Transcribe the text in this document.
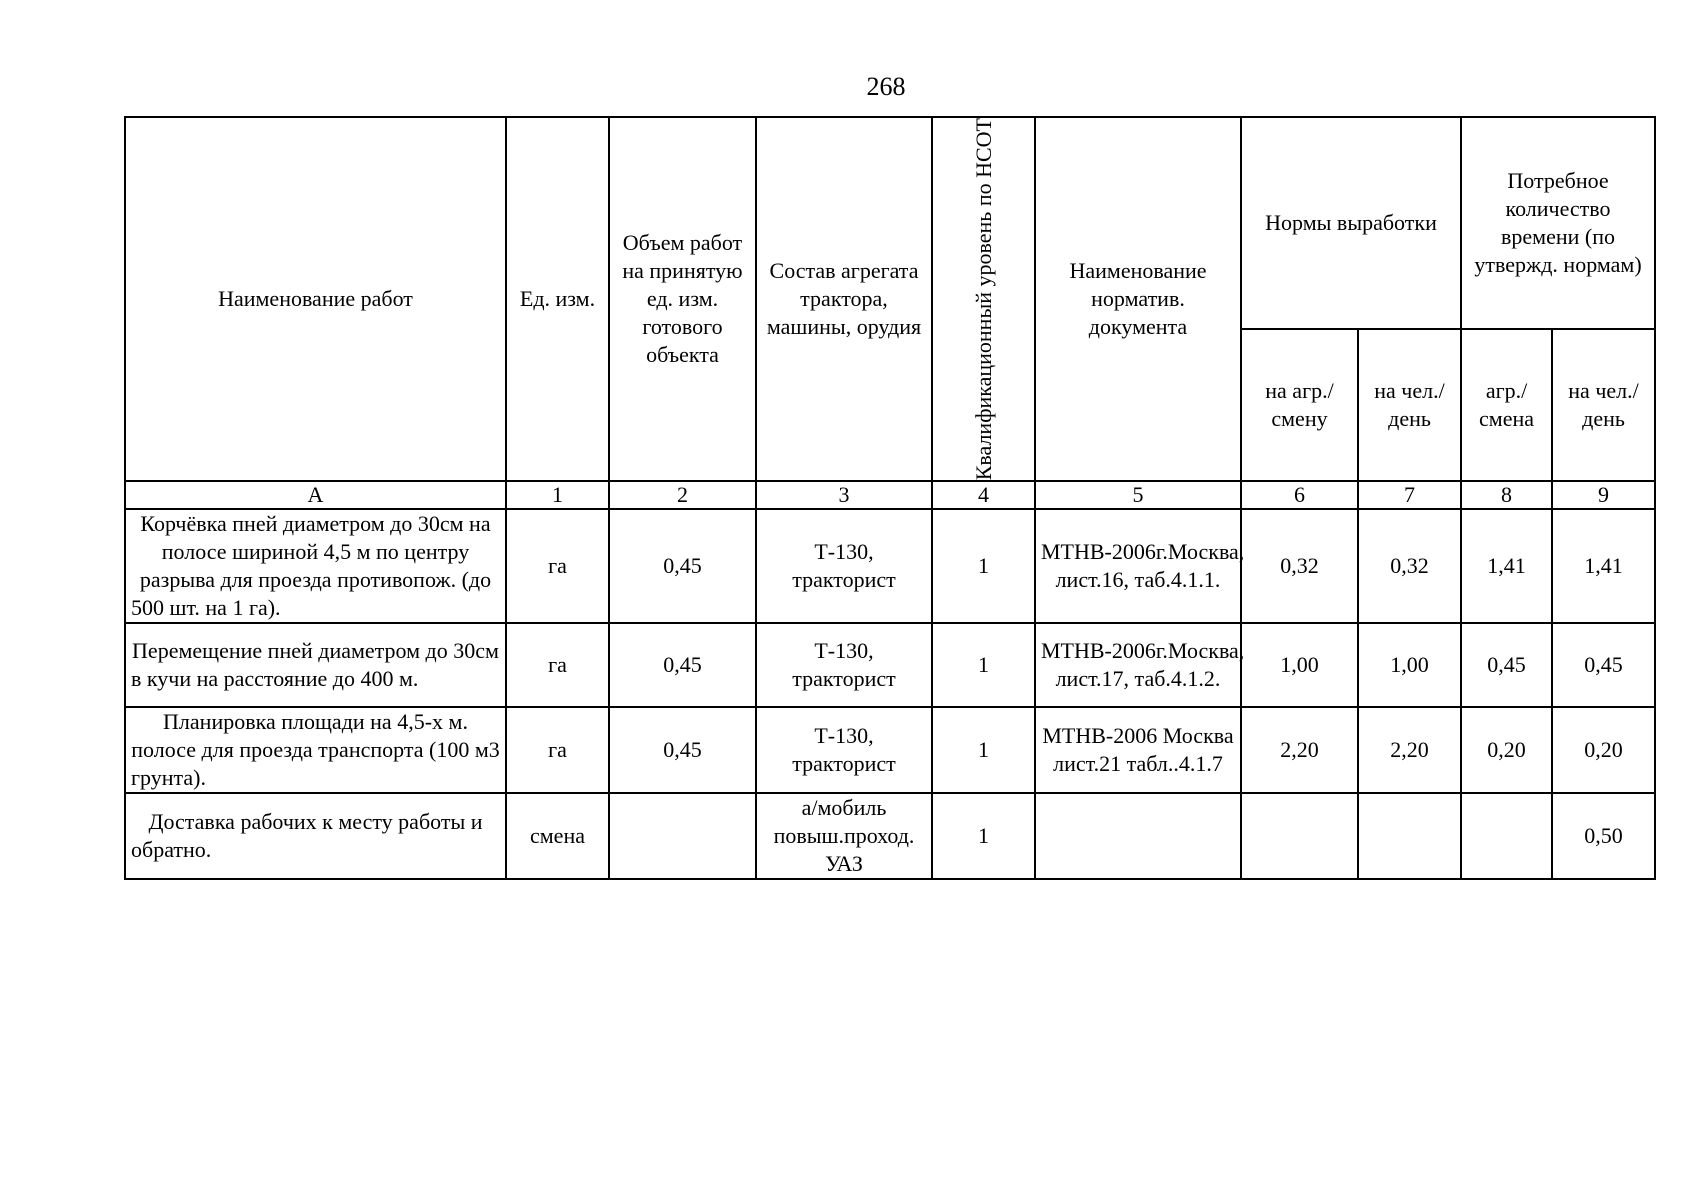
268
Наименование работ	Ед. изм.	Объем работ на принятую ед. изм. готового объекта	Состав агрегата трактора, машины, орудия	Квалификационный уровень по НСОТ	Наименование норматив. документа	Нормы выработки		Потребное количество времени (по утвержд. нормам)	
						на агр./ смену	на чел./ день	агр./ смена	на чел./ день
А	1	2	3	4	5	6	7	8	9
Корчёвка пней диаметром до 30см на полосе шириной 4,5 м по центру разрыва для проезда противопож. (до 500 шт. на 1 га).	га	0,45	Т-130, тракторист	1	МТНВ-2006г.Москва, лист.16, таб.4.1.1.	0,32	0,32	1,41	1,41
Перемещение пней диаметром до 30см в кучи на расстояние до 400 м.	га	0,45	Т-130, тракторист	1	МТНВ-2006г.Москва, лист.17, таб.4.1.2.	1,00	1,00	0,45	0,45
Планировка площади на 4,5-х м. полосе для проезда транспорта (100 м3 грунта).	га	0,45	Т-130, тракторист	1	МТНВ-2006 Москва лист.21 табл..4.1.7	2,20	2,20	0,20	0,20
Доставка рабочих к месту работы и обратно.	смена		а/мобиль повыш.проход. УАЗ	1					0,50
